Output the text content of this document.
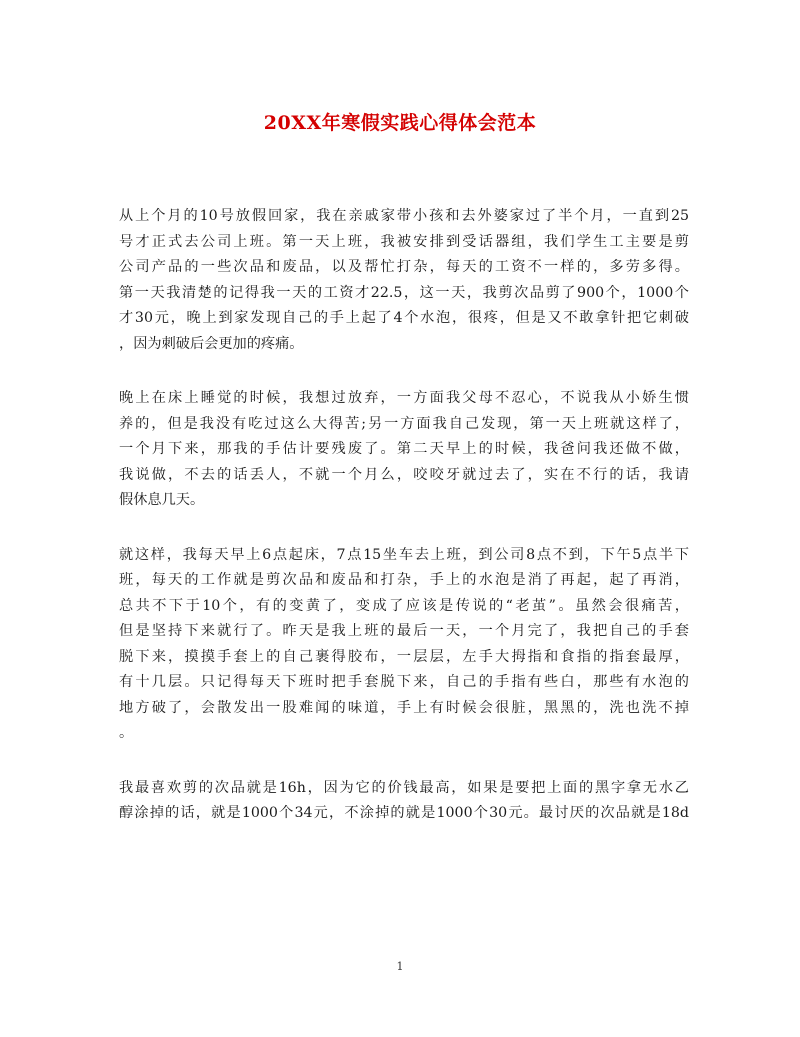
20XX年寒假实践心得体会范本
从上个月的10号放假回家，我在亲戚家带小孩和去外婆家过了半个月，一直到25
号才正式去公司上班。第一天上班，我被安排到受话器组，我们学生工主要是剪
公司产品的一些次品和废品，以及帮忙打杂，每天的工资不一样的，多劳多得。
第一天我清楚的记得我一天的工资才22.5，这一天，我剪次品剪了900个，1000个
才30元，晚上到家发现自己的手上起了4个水泡，很疼，但是又不敢拿针把它刺破
，因为刺破后会更加的疼痛。
晚上在床上睡觉的时候，我想过放弃，一方面我父母不忍心，不说我从小娇生惯
养的，但是我没有吃过这么大得苦;另一方面我自己发现，第一天上班就这样了，
一个月下来，那我的手估计要残废了。第二天早上的时候，我爸问我还做不做，
我说做，不去的话丢人，不就一个月么，咬咬牙就过去了，实在不行的话，我请
假休息几天。
就这样，我每天早上6点起床，7点15坐车去上班，到公司8点不到，下午5点半下
班，每天的工作就是剪次品和废品和打杂，手上的水泡是消了再起，起了再消，
总共不下于10个，有的变黄了，变成了应该是传说的“老茧”。虽然会很痛苦，
但是坚持下来就行了。昨天是我上班的最后一天，一个月完了，我把自己的手套
脱下来，摸摸手套上的自己裹得胶布，一层层，左手大拇指和食指的指套最厚，
有十几层。只记得每天下班时把手套脱下来，自己的手指有些白，那些有水泡的
地方破了，会散发出一股难闻的味道，手上有时候会很脏，黑黑的，洗也洗不掉
。
我最喜欢剪的次品就是16h，因为它的价钱最高，如果是要把上面的黑字拿无水乙
醇涂掉的话，就是1000个34元，不涂掉的就是1000个30元。最讨厌的次品就是18d
1
